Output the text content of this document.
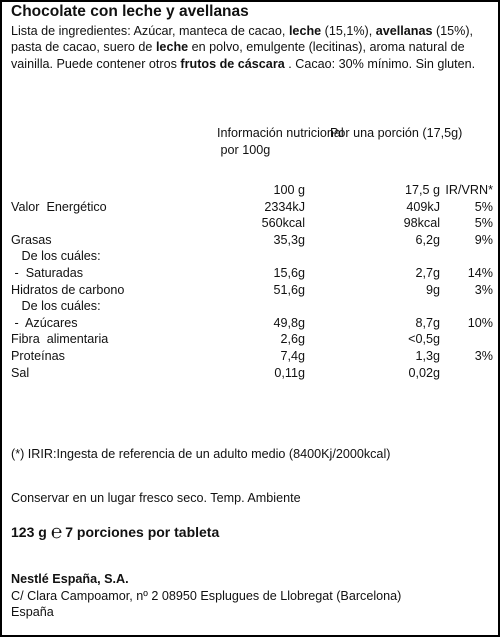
Chocolate con leche y avellanas
Lista de ingredientes: Azúcar, manteca de cacao, leche (15,1%), avellanas (15%), pasta de cacao, suero de leche en polvo, emulgente (lecitinas), aroma natural de vainilla. Puede contener otros frutos de cáscara . Cacao: 30% mínimo. Sin gluten.
Información nutricional
por 100g
Por una porción (17,5g)
100 g	17,5 g IR/VRN*
Valor  Energético	2334kJ	409kJ	5%
560kcal	98kcal	5%
Grasas	35,3g	6,2g	9%
De los cuáles:
-  Saturadas	15,6g	2,7g 14%
Hidratos de carbono	51,6g	9g	3%
De los cuáles:
-  Azúcares	49,8g	8,7g 10%
Fibra  alimentaria	2,6g	<0,5g
Proteínas	7,4g	1,3g	3%
Sal	0,11g	0,02g
(*) IRIR:Ingesta de referencia de un adulto medio (8400Kj/2000kcal)
Conservar en un lugar fresco seco. Temp. Ambiente
123 g ℮ 7 porciones por tableta
Nestlé España, S.A.
C/ Clara Campoamor, nº 2 08950 Esplugues de Llobregat (Barcelona)
España
